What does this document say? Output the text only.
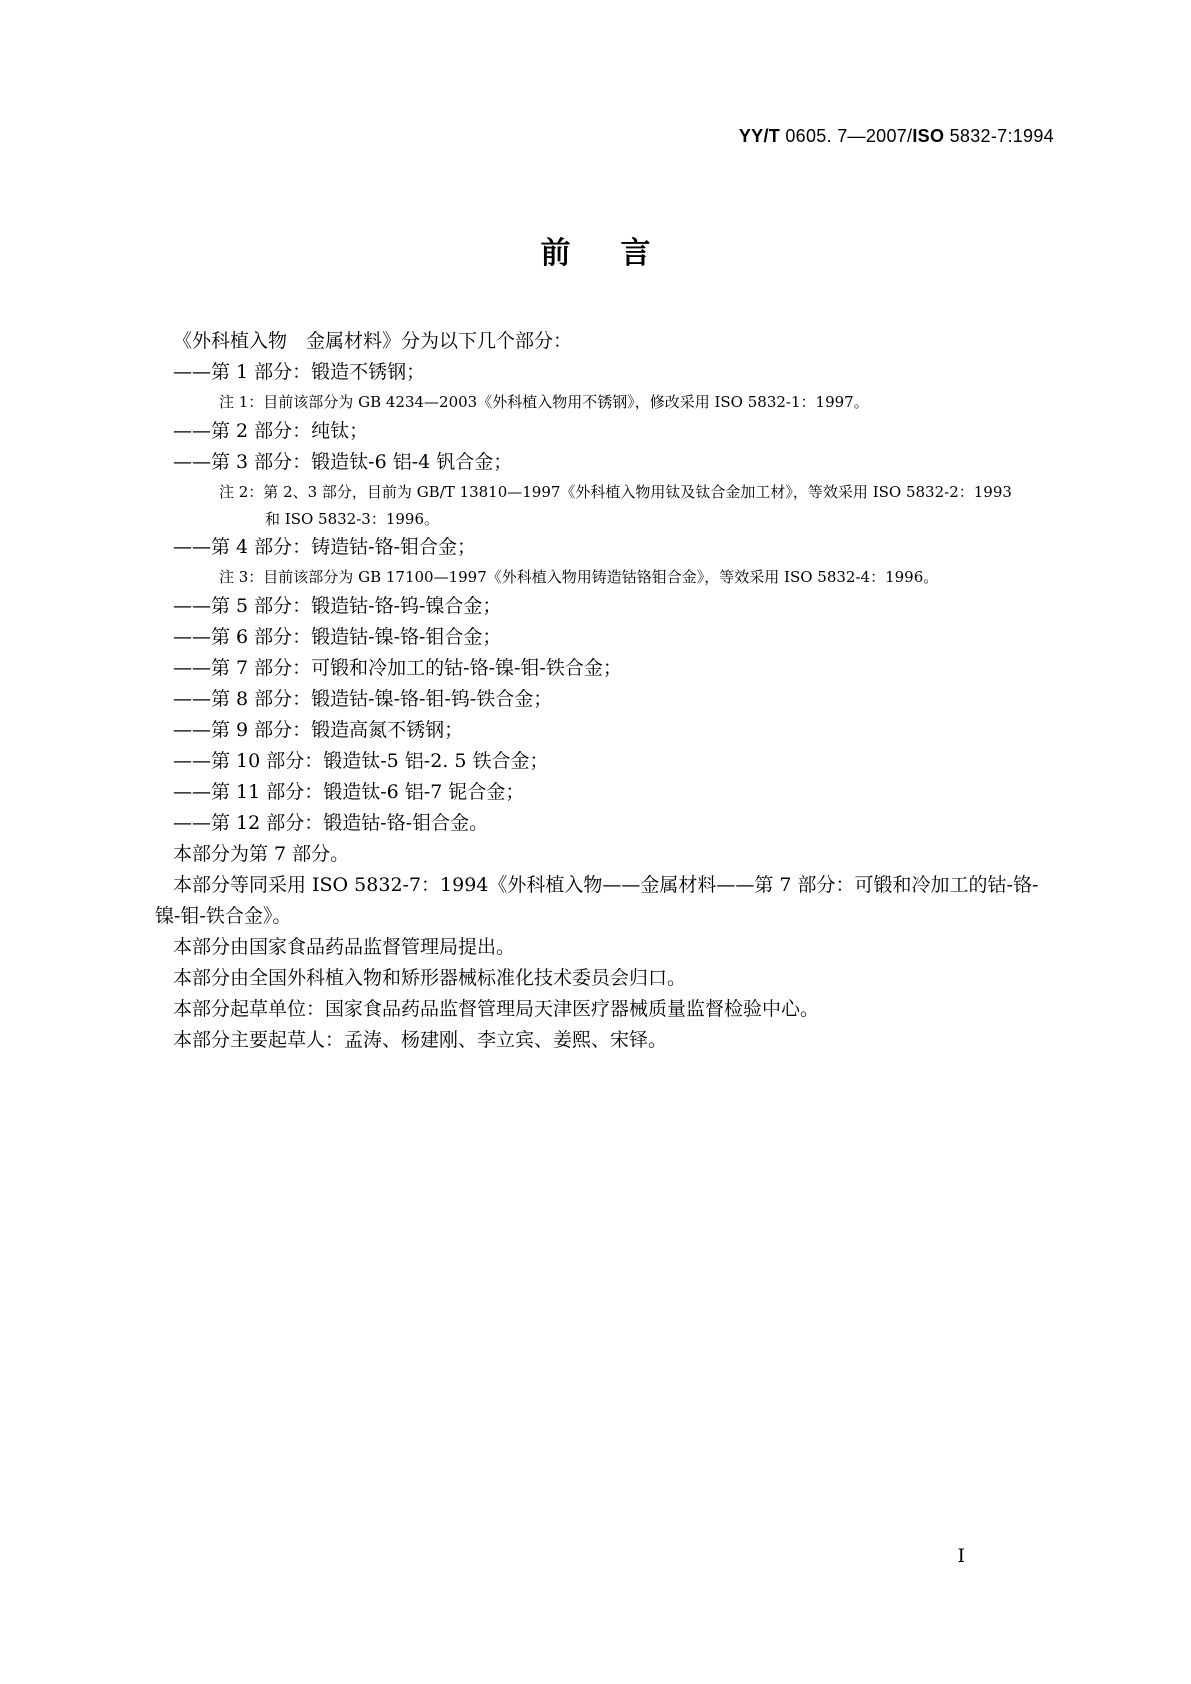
YY/T 0605. 7—2007/ISO 5832-7:1994
前言
《外科植入物　金属材料》分为以下几个部分：
——第 1 部分：锻造不锈钢；
注 1：目前该部分为 GB 4234—2003《外科植入物用不锈钢》，修改采用 ISO 5832-1：1997。
——第 2 部分：纯钛；
——第 3 部分：锻造钛-6 铝-4 钒合金；
注 2：第 2、3 部分，目前为 GB/T 13810—1997《外科植入物用钛及钛合金加工材》，等效采用 ISO 5832-2：1993
和 ISO 5832-3：1996。
——第 4 部分：铸造钴-铬-钼合金；
注 3：目前该部分为 GB 17100—1997《外科植入物用铸造钴铬钼合金》，等效采用 ISO 5832-4：1996。
——第 5 部分：锻造钴-铬-钨-镍合金；
——第 6 部分：锻造钴-镍-铬-钼合金；
——第 7 部分：可锻和冷加工的钴-铬-镍-钼-铁合金；
——第 8 部分：锻造钴-镍-铬-钼-钨-铁合金；
——第 9 部分：锻造高氮不锈钢；
——第 10 部分：锻造钛-5 铝-2. 5 铁合金；
——第 11 部分：锻造钛-6 铝-7 铌合金；
——第 12 部分：锻造钴-铬-钼合金。
本部分为第 7 部分。
本部分等同采用 ISO 5832-7：1994《外科植入物——金属材料——第 7 部分：可锻和冷加工的钴-铬-镍-钼-铁合金》。
本部分由国家食品药品监督管理局提出。
本部分由全国外科植入物和矫形器械标准化技术委员会归口。
本部分起草单位：国家食品药品监督管理局天津医疗器械质量监督检验中心。
本部分主要起草人：孟涛、杨建刚、李立宾、姜熙、宋铎。
I
